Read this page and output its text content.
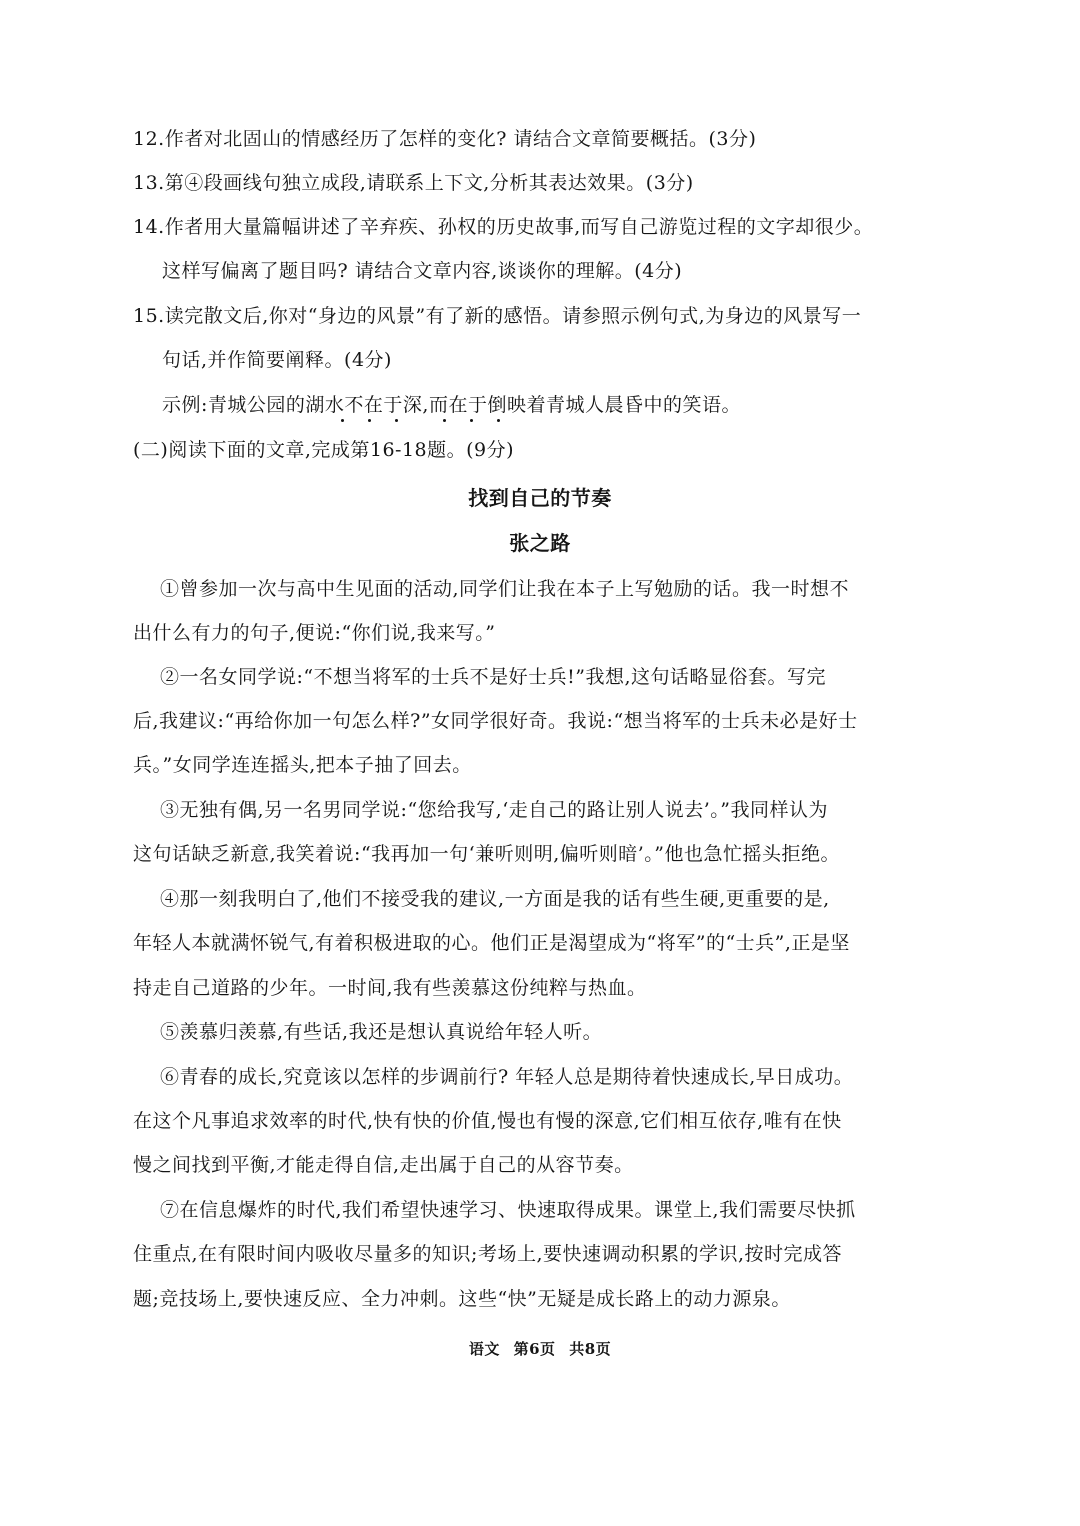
12.作者对北固山的情感经历了怎样的变化? 请结合文章简要概括。(3分)
13.第④段画线句独立成段,请联系上下文,分析其表达效果。(3分)
14.作者用大量篇幅讲述了辛弃疾、孙权的历史故事,而写自己游览过程的文字却很少。
这样写偏离了题目吗? 请结合文章内容,谈谈你的理解。(4分)
15.读完散文后,你对“身边的风景”有了新的感悟。请参照示例句式,为身边的风景写一
句话,并作简要阐释。(4分)
示例:青城公园的湖水不在于深,而在于倒映着青城人晨昏中的笑语。
(二)阅读下面的文章,完成第16-18题。(9分)
找到自己的节奏
张之路
①曾参加一次与高中生见面的活动,同学们让我在本子上写勉励的话。我一时想不
出什么有力的句子,便说:“你们说,我来写。”
②一名女同学说:“不想当将军的士兵不是好士兵!”我想,这句话略显俗套。写完
后,我建议:“再给你加一句怎么样?”女同学很好奇。我说:“想当将军的士兵未必是好士
兵。”女同学连连摇头,把本子抽了回去。
③无独有偶,另一名男同学说:“您给我写,‘走自己的路让别人说去’。”我同样认为
这句话缺乏新意,我笑着说:“我再加一句‘兼听则明,偏听则暗’。”他也急忙摇头拒绝。
④那一刻我明白了,他们不接受我的建议,一方面是我的话有些生硬,更重要的是,
年轻人本就满怀锐气,有着积极进取的心。他们正是渴望成为“将军”的“士兵”,正是坚
持走自己道路的少年。一时间,我有些羡慕这份纯粹与热血。
⑤羡慕归羡慕,有些话,我还是想认真说给年轻人听。
⑥青春的成长,究竟该以怎样的步调前行? 年轻人总是期待着快速成长,早日成功。
在这个凡事追求效率的时代,快有快的价值,慢也有慢的深意,它们相互依存,唯有在快
慢之间找到平衡,才能走得自信,走出属于自己的从容节奏。
⑦在信息爆炸的时代,我们希望快速学习、快速取得成果。课堂上,我们需要尽快抓
住重点,在有限时间内吸收尽量多的知识;考场上,要快速调动积累的学识,按时完成答
题;竞技场上,要快速反应、全力冲刺。这些“快”无疑是成长路上的动力源泉。
语文 第6页 共8页
